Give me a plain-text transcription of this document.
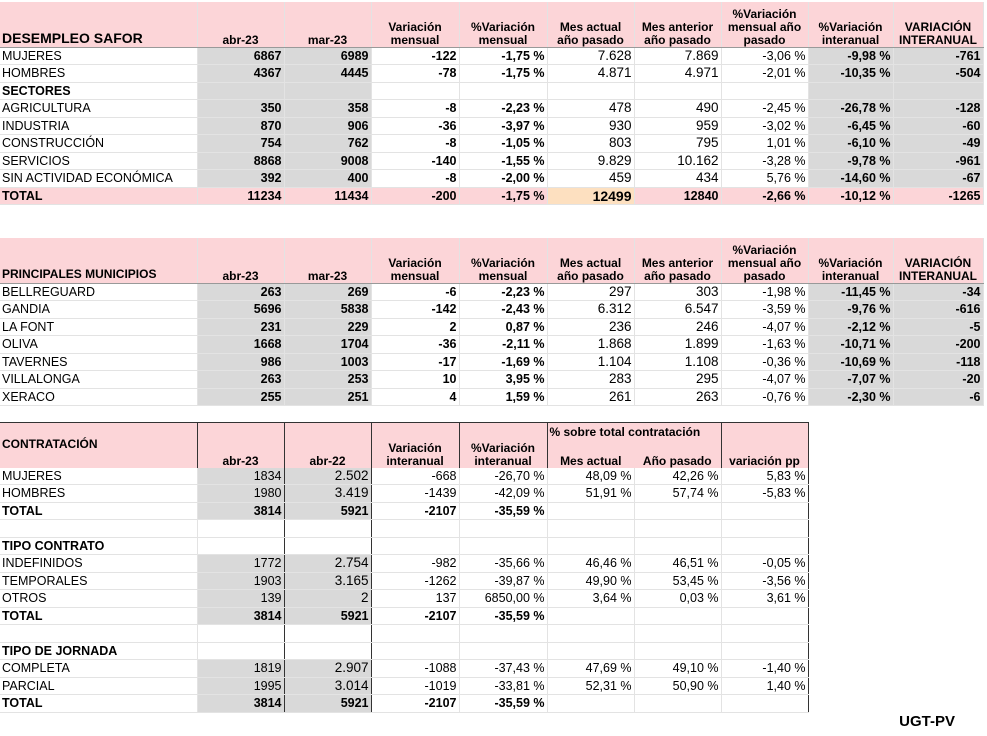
DESEMPLEO SAFOR	abr-23	mar-23	Variación mensual	%Variación mensual	Mes actual año pasado	Mes anterior año pasado	%Variación mensual año pasado	%Variación interanual	VARIACIÓN INTERANUAL
MUJERES	6867	6989	-122	-1,75 %	7.628	7.869	-3,06 %	-9,98 %	-761
HOMBRES	4367	4445	-78	-1,75 %	4.871	4.971	-2,01 %	-10,35 %	-504
SECTORES									
AGRICULTURA	350	358	-8	-2,23 %	478	490	-2,45 %	-26,78 %	-128
INDUSTRIA	870	906	-36	-3,97 %	930	959	-3,02 %	-6,45 %	-60
CONSTRUCCIÓN	754	762	-8	-1,05 %	803	795	1,01 %	-6,10 %	-49
SERVICIOS	8868	9008	-140	-1,55 %	9.829	10.162	-3,28 %	-9,78 %	-961
SIN ACTIVIDAD ECONÓMICA	392	400	-8	-2,00 %	459	434	5,76 %	-14,60 %	-67
TOTAL	11234	11434	-200	-1,75 %	12499	12840	-2,66 %	-10,12 %	-1265
PRINCIPALES MUNICIPIOS	abr-23	mar-23	Variación mensual	%Variación mensual	Mes actual año pasado	Mes anterior año pasado	%Variación mensual año pasado	%Variación interanual	VARIACIÓN INTERANUAL
BELLREGUARD	263	269	-6	-2,23 %	297	303	-1,98 %	-11,45 %	-34
GANDIA	5696	5838	-142	-2,43 %	6.312	6.547	-3,59 %	-9,76 %	-616
LA FONT	231	229	2	0,87 %	236	246	-4,07 %	-2,12 %	-5
OLIVA	1668	1704	-36	-2,11 %	1.868	1.899	-1,63 %	-10,71 %	-200
TAVERNES	986	1003	-17	-1,69 %	1.104	1.108	-0,36 %	-10,69 %	-118
VILLALONGA	263	253	10	3,95 %	283	295	-4,07 %	-7,07 %	-20
XERACO	255	251	4	1,59 %	261	263	-0,76 %	-2,30 %	-6
CONTRATACIÓN	abr-23	abr-22	Variación interanual	%Variación interanual	% sobre total contratación		
					Mes actual	Año pasado	variación pp
MUJERES	1834	2.502	-668	-26,70 %	48,09 %	42,26 %	5,83 %
HOMBRES	1980	3.419	-1439	-42,09 %	51,91 %	57,74 %	-5,83 %
TOTAL	3814	5921	-2107	-35,59 %			

TIPO CONTRATO							
INDEFINIDOS	1772	2.754	-982	-35,66 %	46,46 %	46,51 %	-0,05 %
TEMPORALES	1903	3.165	-1262	-39,87 %	49,90 %	53,45 %	-3,56 %
OTROS	139	2	137	6850,00 %	3,64 %	0,03 %	3,61 %
TOTAL	3814	5921	-2107	-35,59 %			

TIPO DE JORNADA							
COMPLETA	1819	2.907	-1088	-37,43 %	47,69 %	49,10 %	-1,40 %
PARCIAL	1995	3.014	-1019	-33,81 %	52,31 %	50,90 %	1,40 %
TOTAL	3814	5921	-2107	-35,59 %			
UGT-PV
